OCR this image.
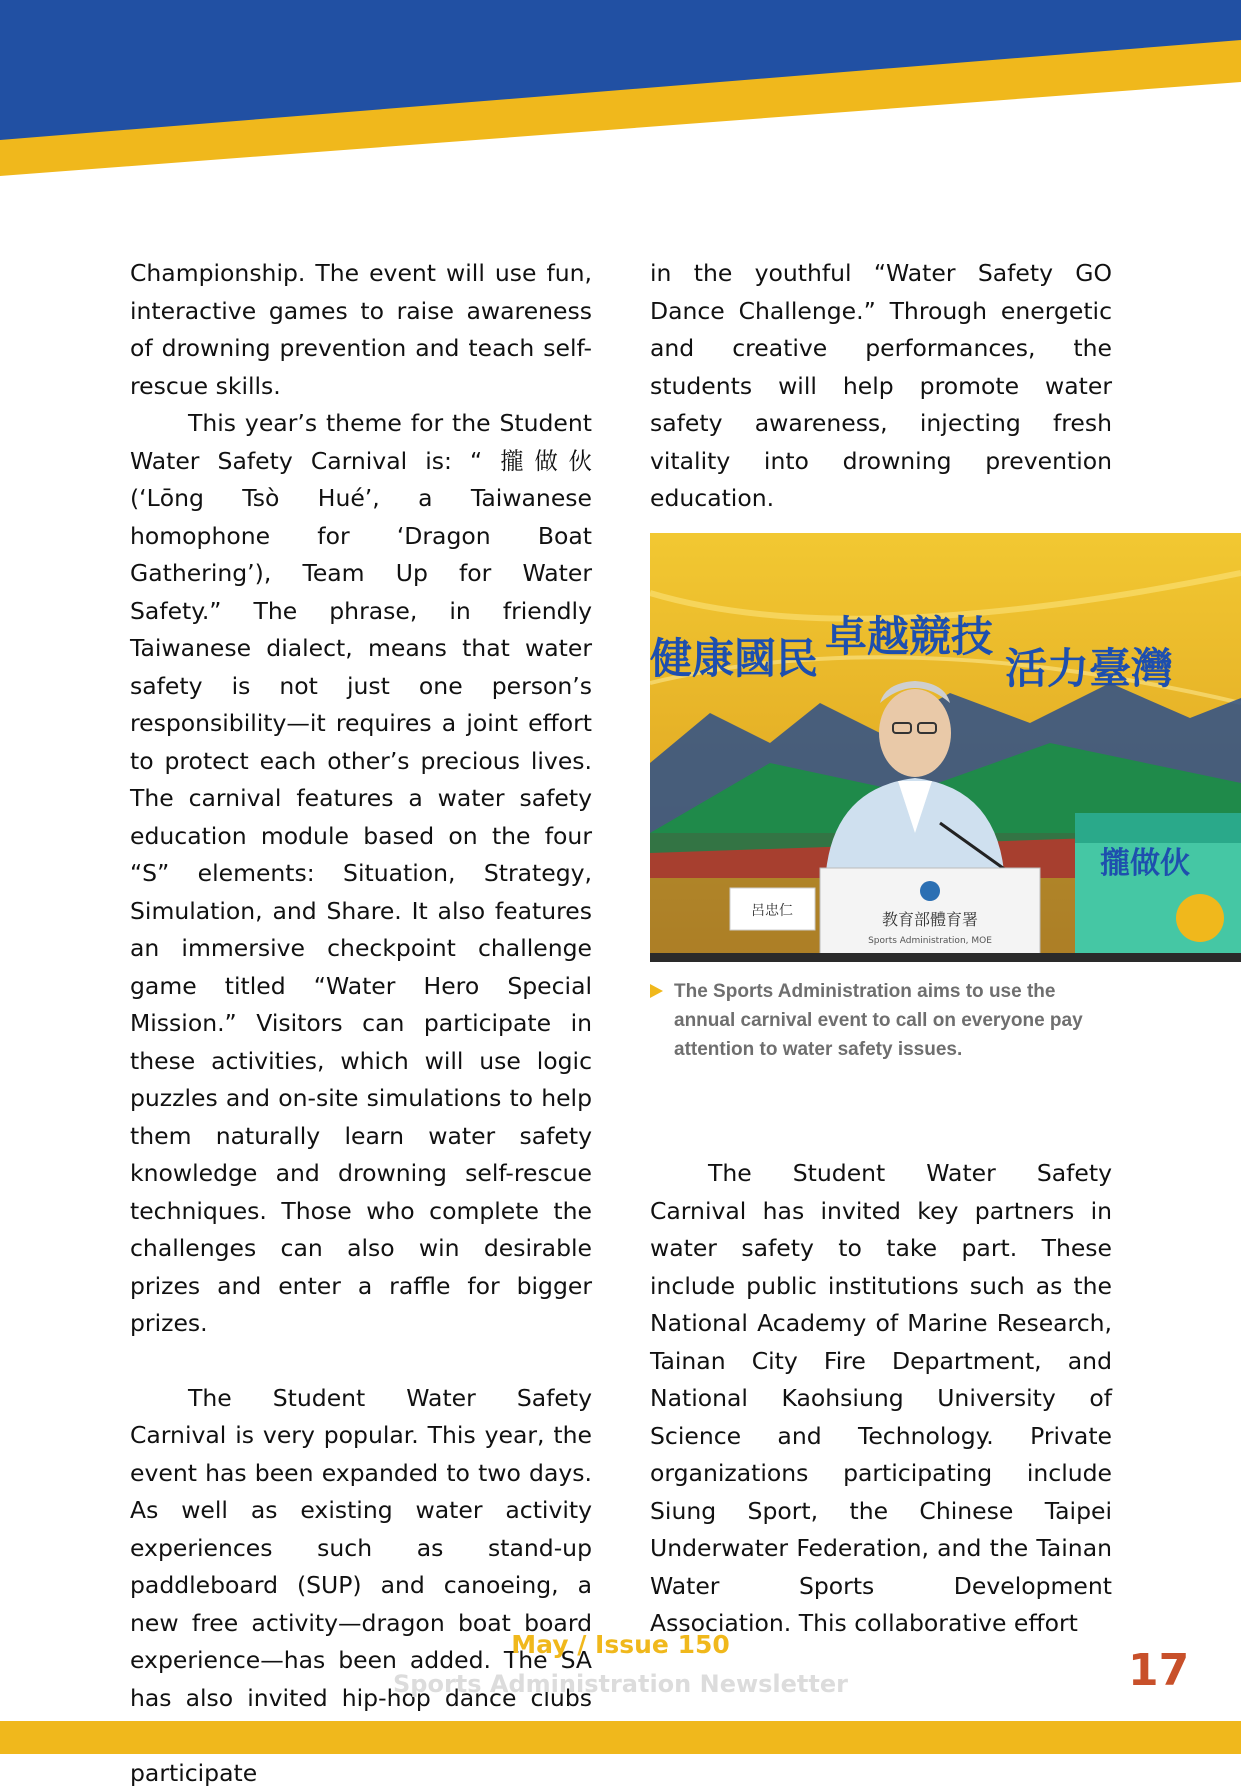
Championship. The event will use fun, interactive games to raise awareness of drowning prevention and teach self-rescue skills.

This year’s theme for the Student Water Safety Carnival is: “ 攏做伙 (‘Lōng Tsò Hué’, a Taiwanese homophone for ‘Dragon Boat Gathering’), Team Up for Water Safety.” The phrase, in friendly Taiwanese dialect, means that water safety is not just one person’s responsibility—it requires a joint effort to protect each other’s precious lives. The carnival features a water safety education module based on the four “S” elements: Situation, Strategy, Simulation, and Share. It also features an immersive checkpoint challenge game titled “Water Hero Special Mission.” Visitors can participate in these activities, which will use logic puzzles and on-site simulations to help them naturally learn water safety knowledge and drowning self-rescue techniques. Those who complete the challenges can also win desirable prizes and enter a raffle for bigger prizes.

The Student Water Safety Carnival is very popular. This year, the event has been expanded to two days. As well as existing water activity experiences such as stand-up paddleboard (SUP) and canoeing, a new free activity—dragon boat board experience—has been added. The SA has also invited hip-hop dance clubs participate

in the youthful “Water Safety GO Dance Challenge.” Through energetic and creative performances, the students will help promote water safety awareness, injecting fresh vitality into drowning prevention education.

健康國民 卓越競技
活力臺灣
教育部體育署
Sports Administration, MOE
呂忠仁
攏做伙
The Sports Administration aims to use the annual carnival event to call on everyone pay attention to water safety issues.

The Student Water Safety Carnival has invited key partners in water safety to take part. These include public institutions such as the National Academy of Marine Research, Tainan City Fire Department, and National Kaohsiung University of Science and Technology. Private organizations participating include Siung Sport, the Chinese Taipei Underwater Federation, and the Tainan Water Sports Development Association. This collaborative effort

May / Issue 150
Sports Administration Newsletter	17
